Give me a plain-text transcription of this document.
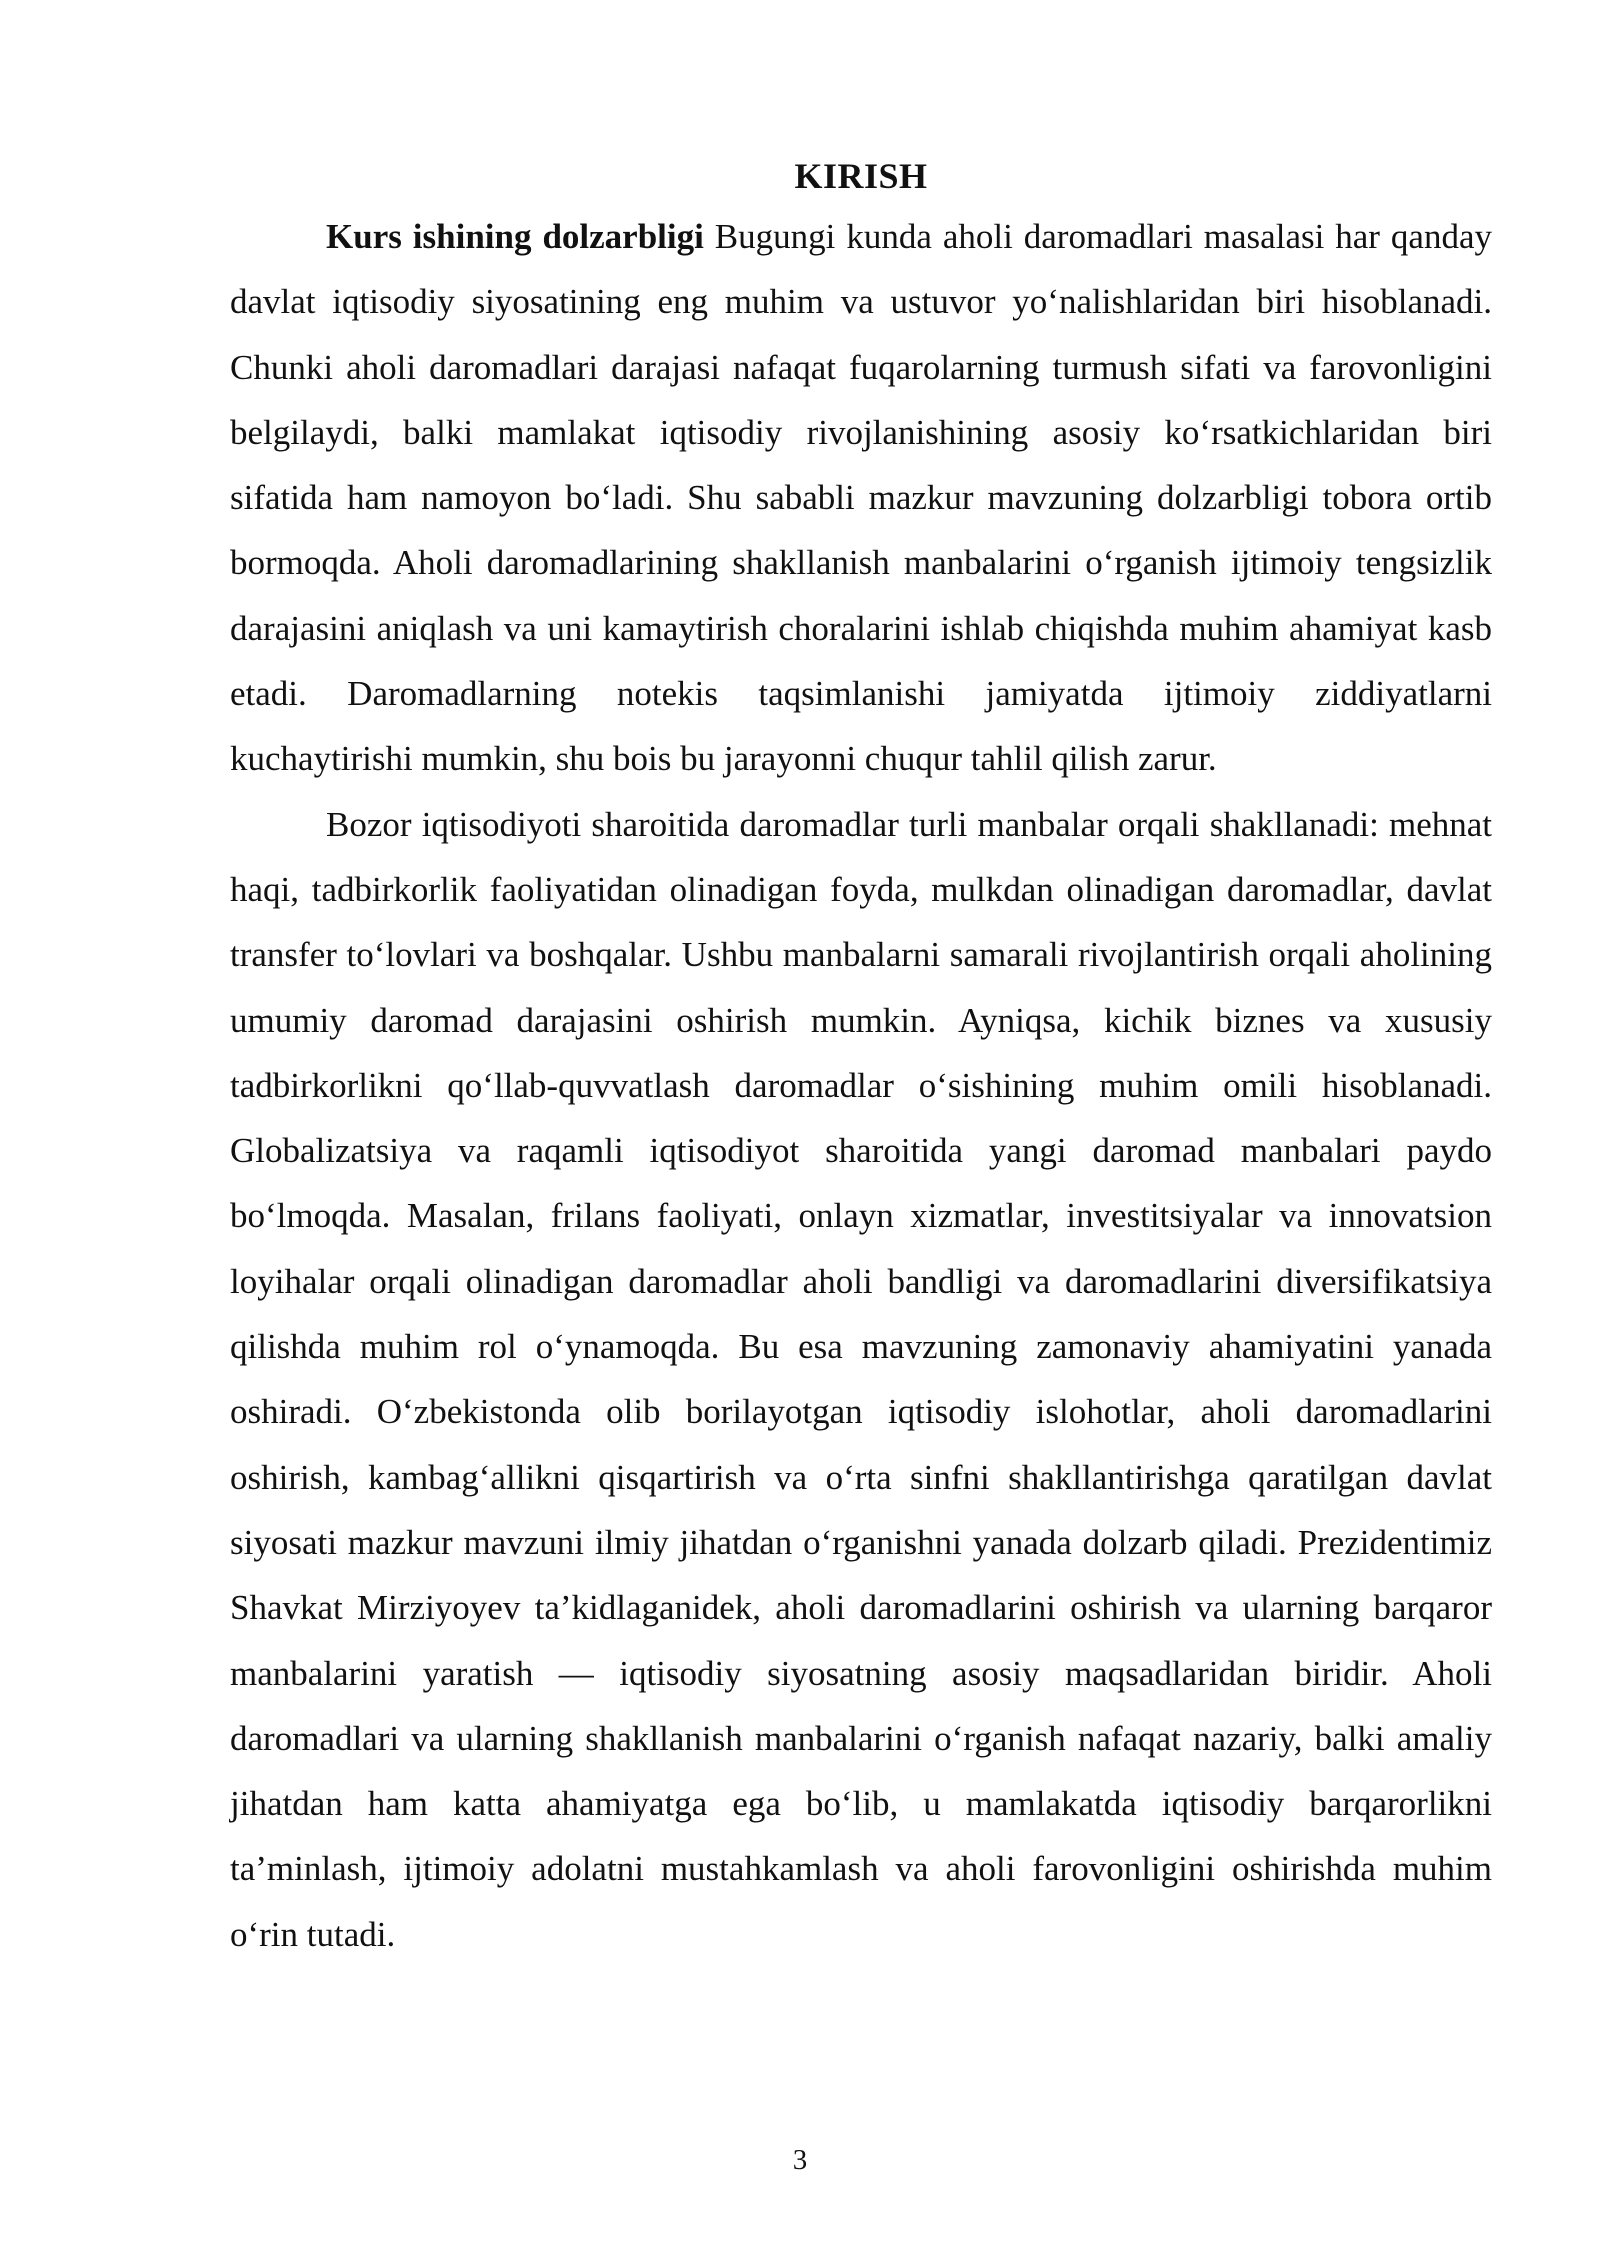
KIRISH

Kurs ishining dolzarbligi Bugungi kunda aholi daromadlari masalasi har qanday davlat iqtisodiy siyosatining eng muhim va ustuvor yo‘nalishlaridan biri hisoblanadi. Chunki aholi daromadlari darajasi nafaqat fuqarolarning turmush sifati va farovonligini belgilaydi, balki mamlakat iqtisodiy rivojlanishining asosiy ko‘rsatkichlaridan biri sifatida ham namoyon bo‘ladi. Shu sababli mazkur mavzuning dolzarbligi tobora ortib bormoqda. Aholi daromadlarining shakllanish manbalarini o‘rganish ijtimoiy tengsizlik darajasini aniqlash va uni kamaytirish choralarini ishlab chiqishda muhim ahamiyat kasb etadi. Daromadlarning notekis taqsimlanishi jamiyatda ijtimoiy ziddiyatlarni kuchaytirishi mumkin, shu bois bu jarayonni chuqur tahlil qilish zarur.

Bozor iqtisodiyoti sharoitida daromadlar turli manbalar orqali shakllanadi: mehnat haqi, tadbirkorlik faoliyatidan olinadigan foyda, mulkdan olinadigan daromadlar, davlat transfer to‘lovlari va boshqalar. Ushbu manbalarni samarali rivojlantirish orqali aholining umumiy daromad darajasini oshirish mumkin. Ayniqsa, kichik biznes va xususiy tadbirkorlikni qo‘llab-quvvatlash daromadlar o‘sishining muhim omili hisoblanadi. Globalizatsiya va raqamli iqtisodiyot sharoitida yangi daromad manbalari paydo bo‘lmoqda. Masalan, frilans faoliyati, onlayn xizmatlar, investitsiyalar va innovatsion loyihalar orqali olinadigan daromadlar aholi bandligi va daromadlarini diversifikatsiya qilishda muhim rol o‘ynamoqda. Bu esa mavzuning zamonaviy ahamiyatini yanada oshiradi. O‘zbekistonda olib borilayotgan iqtisodiy islohotlar, aholi daromadlarini oshirish, kambag‘allikni qisqartirish va o‘rta sinfni shakllantirishga qaratilgan davlat siyosati mazkur mavzuni ilmiy jihatdan o‘rganishni yanada dolzarb qiladi. Prezidentimiz Shavkat Mirziyoyev ta’kidlaganidek, aholi daromadlarini oshirish va ularning barqaror manbalarini yaratish — iqtisodiy siyosatning asosiy maqsadlaridan biridir. Aholi daromadlari va ularning shakllanish manbalarini o‘rganish nafaqat nazariy, balki amaliy jihatdan ham katta ahamiyatga ega bo‘lib, u mamlakatda iqtisodiy barqarorlikni ta’minlash, ijtimoiy adolatni mustahkamlash va aholi farovonligini oshirishda muhim o‘rin tutadi.

3
